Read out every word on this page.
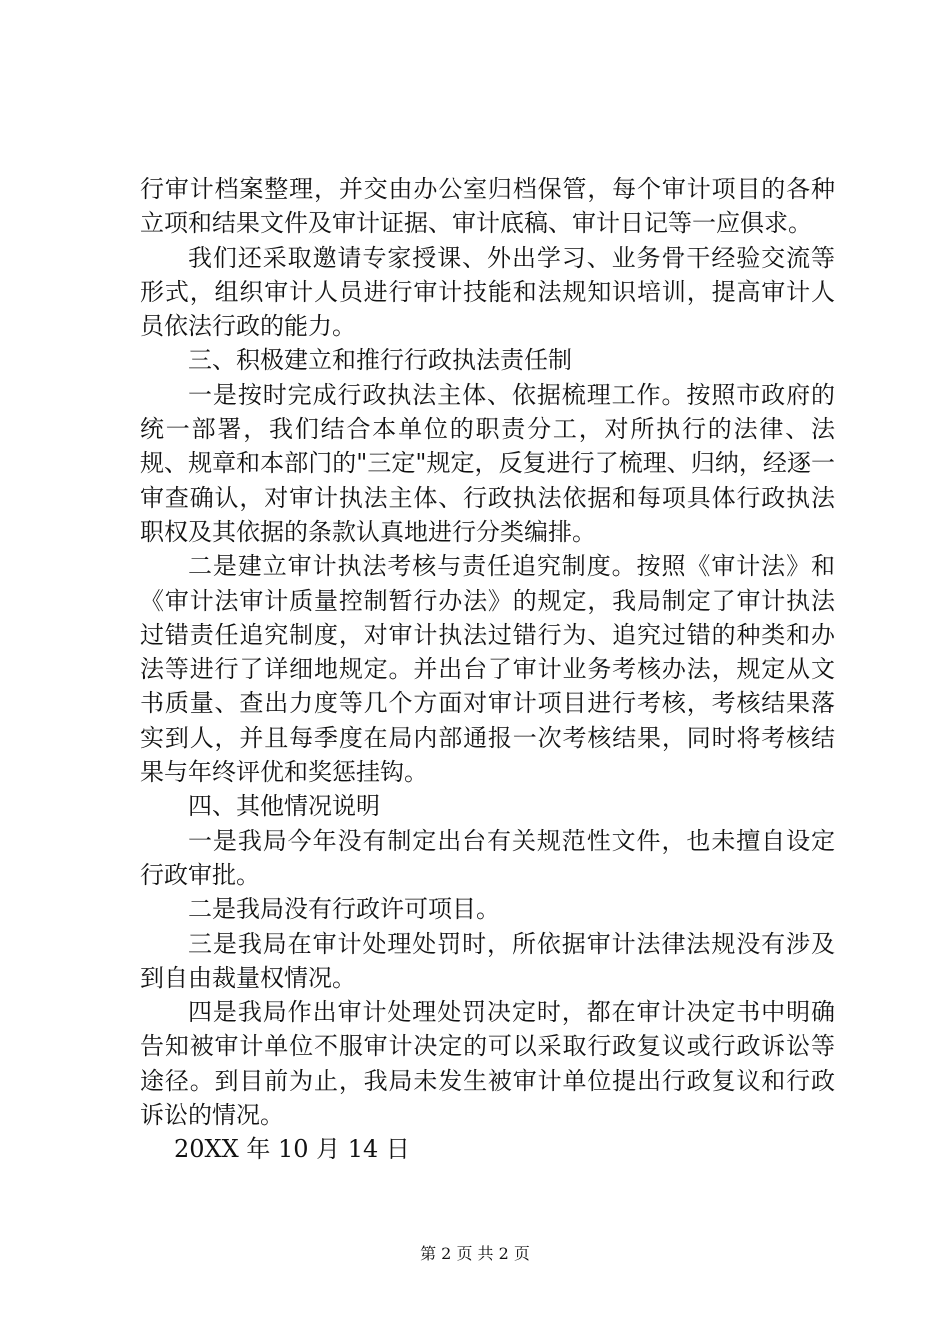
行审计档案整理，并交由办公室归档保管，每个审计项目的各种立项和结果文件及审计证据、审计底稿、审计日记等一应俱求。

我们还采取邀请专家授课、外出学习、业务骨干经验交流等形式，组织审计人员进行审计技能和法规知识培训，提高审计人员依法行政的能力。

三、积极建立和推行行政执法责任制

一是按时完成行政执法主体、依据梳理工作。按照市政府的统一部署，我们结合本单位的职责分工，对所执行的法律、法规、规章和本部门的"三定"规定，反复进行了梳理、归纳，经逐一审查确认，对审计执法主体、行政执法依据和每项具体行政执法职权及其依据的条款认真地进行分类编排。

二是建立审计执法考核与责任追究制度。按照《审计法》和《审计法审计质量控制暂行办法》的规定，我局制定了审计执法过错责任追究制度，对审计执法过错行为、追究过错的种类和办法等进行了详细地规定。并出台了审计业务考核办法，规定从文书质量、查出力度等几个方面对审计项目进行考核，考核结果落实到人，并且每季度在局内部通报一次考核结果，同时将考核结果与年终评优和奖惩挂钩。

四、其他情况说明

一是我局今年没有制定出台有关规范性文件，也未擅自设定行政审批。

二是我局没有行政许可项目。

三是我局在审计处理处罚时，所依据审计法律法规没有涉及到自由裁量权情况。

四是我局作出审计处理处罚决定时，都在审计决定书中明确告知被审计单位不服审计决定的可以采取行政复议或行政诉讼等途径。到目前为止，我局未发生被审计单位提出行政复议和行政诉讼的情况。

20XX 年 10 月 14 日

第 2 页 共 2 页
